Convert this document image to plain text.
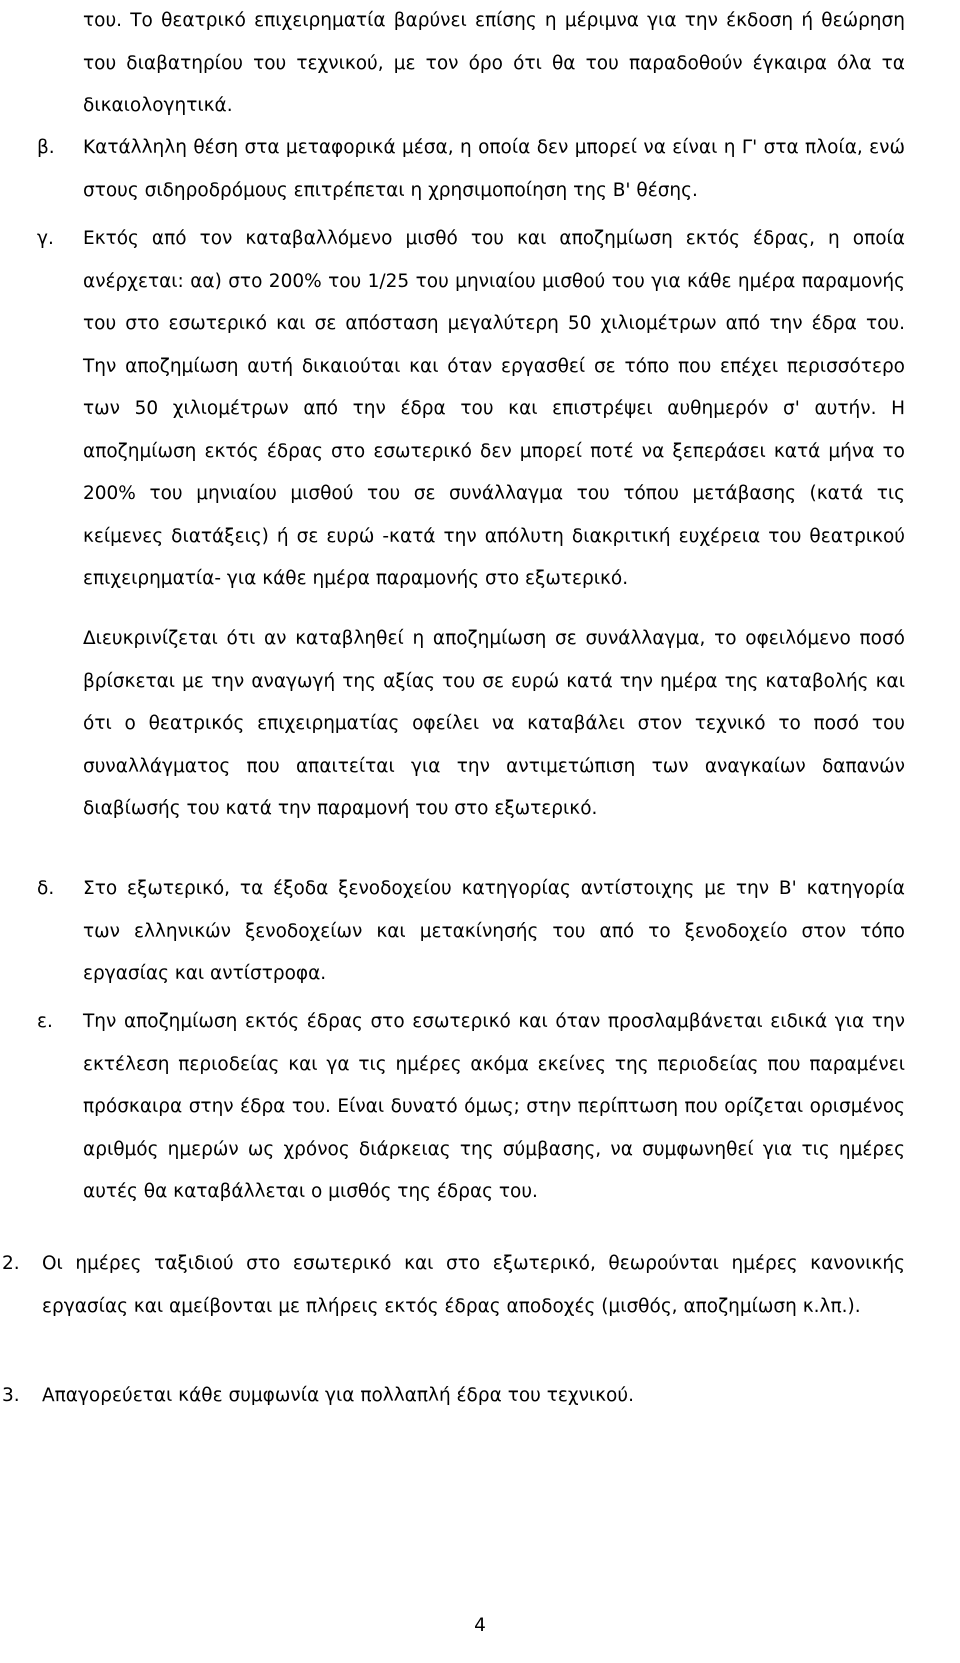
του. Το θεατρικό επιχειρηματία βαρύνει επίσης η μέριμνα για την έκδοση ή θεώρηση του διαβατηρίου του τεχνικού, με τον όρο ότι θα του παραδοθούν έγκαιρα όλα τα δικαιολογητικά.

β. Κατάλληλη θέση στα μεταφορικά μέσα, η οποία δεν μπορεί να είναι η Γ' στα πλοία, ενώ στους σιδηροδρόμους επιτρέπεται η χρησιμοποίηση της Β' θέσης.

γ. Εκτός από τον καταβαλλόμενο μισθό του και αποζημίωση εκτός έδρας, η οποία ανέρχεται: αα) στο 200% του 1/25 του μηνιαίου μισθού του για κάθε ημέρα παραμονής του στο εσωτερικό και σε απόσταση μεγαλύτερη 50 χιλιομέτρων από την έδρα του. Την αποζημίωση αυτή δικαιούται και όταν εργασθεί σε τόπο που επέχει περισσότερο των 50 χιλιομέτρων από την έδρα του και επιστρέψει αυθημερόν σ' αυτήν. Η αποζημίωση εκτός έδρας στο εσωτερικό δεν μπορεί ποτέ να ξεπεράσει κατά μήνα το 200% του μηνιαίου μισθού του σε συνάλλαγμα του τόπου μετάβασης (κατά τις κείμενες διατάξεις) ή σε ευρώ -κατά την απόλυτη διακριτική ευχέρεια του θεατρικού επιχειρηματία- για κάθε ημέρα παραμονής στο εξωτερικό.

Διευκρινίζεται ότι αν καταβληθεί η αποζημίωση σε συνάλλαγμα, το οφειλόμενο ποσό βρίσκεται με την αναγωγή της αξίας του σε ευρώ κατά την ημέρα της καταβολής και ότι ο θεατρικός επιχειρηματίας οφείλει να καταβάλει στον τεχνικό το ποσό του συναλλάγματος που απαιτείται για την αντιμετώπιση των αναγκαίων δαπανών διαβίωσής του κατά την παραμονή του στο εξωτερικό.

δ. Στο εξωτερικό, τα έξοδα ξενοδοχείου κατηγορίας αντίστοιχης με την Β' κατηγορία των ελληνικών ξενοδοχείων και μετακίνησής του από το ξενοδοχείο στον τόπο εργασίας και αντίστροφα.

ε. Την αποζημίωση εκτός έδρας στο εσωτερικό και όταν προσλαμβάνεται ειδικά για την εκτέλεση περιοδείας και γα τις ημέρες ακόμα εκείνες της περιοδείας που παραμένει πρόσκαιρα στην έδρα του. Είναι δυνατό όμως; στην περίπτωση που ορίζεται ορισμένος αριθμός ημερών ως χρόνος διάρκειας της σύμβασης, να συμφωνηθεί για τις ημέρες αυτές θα καταβάλλεται ο μισθός της έδρας του.

2. Οι ημέρες ταξιδιού στο εσωτερικό και στο εξωτερικό, θεωρούνται ημέρες κανονικής εργασίας και αμείβονται με πλήρεις εκτός έδρας αποδοχές (μισθός, αποζημίωση κ.λπ.).

3. Απαγορεύεται κάθε συμφωνία για πολλαπλή έδρα του τεχνικού.

4
